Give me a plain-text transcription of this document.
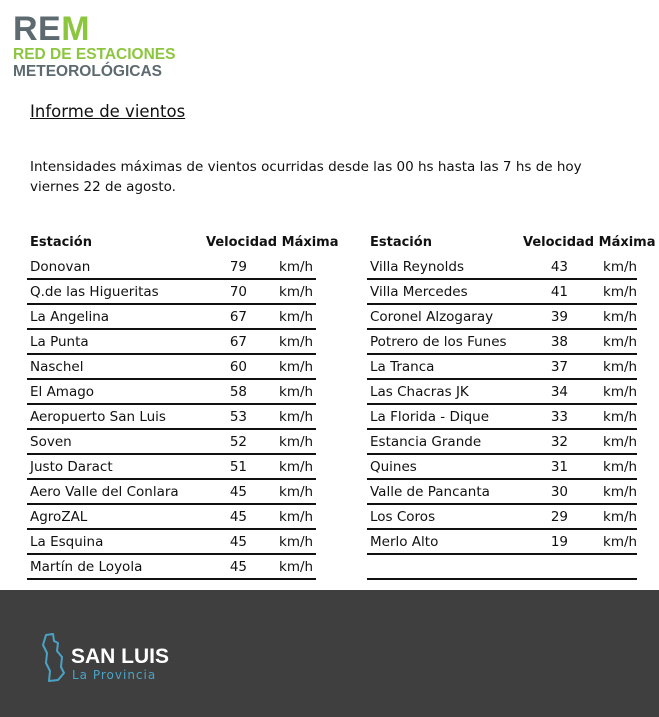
REM
RED DE ESTACIONES
METEOROLÓGICAS
Informe de vientos
Intensidades máximas de vientos ocurridas desde las 00 hs hasta las 7 hs de hoy viernes 22 de agosto.
Estación	Velocidad Máxima
Donovan	79 km/h
Q.de las Higueritas	70 km/h
La Angelina	67 km/h
La Punta	67 km/h
Naschel	60 km/h
El Amago	58 km/h
Aeropuerto San Luis	53 km/h
Soven	52 km/h
Justo Daract	51 km/h
Aero Valle del Conlara	45 km/h
AgroZAL	45 km/h
La Esquina	45 km/h
Martín de Loyola	45 km/h
Estación	Velocidad Máxima
Villa Reynolds	43	km/h
Villa Mercedes	41	km/h
Coronel Alzogaray	39	km/h
Potrero de los Funes	38	km/h
La Tranca	37	km/h
Las Chacras JK	34	km/h
La Florida - Dique	33	km/h
Estancia Grande	32	km/h
Quines	31	km/h
Valle de Pancanta	30	km/h
Los Coros	29	km/h
Merlo Alto	19	km/h
SAN LUIS
La Provincia
